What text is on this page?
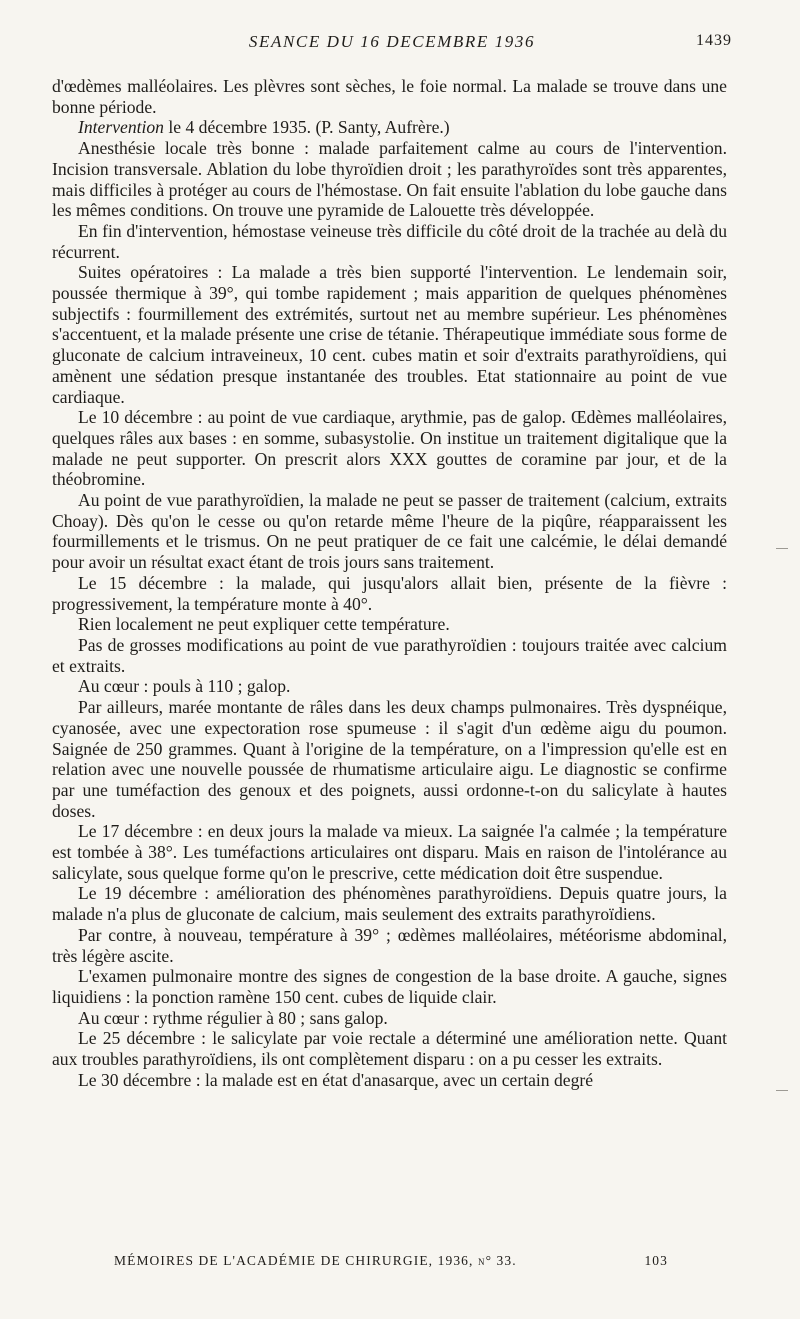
SEANCE DU 16 DECEMBRE 1936	1439

d'œdèmes malléolaires. Les plèvres sont sèches, le foie normal. La malade se trouve dans une bonne période.

Intervention le 4 décembre 1935. (P. Santy, Aufrère.)

Anesthésie locale très bonne : malade parfaitement calme au cours de l'intervention. Incision transversale. Ablation du lobe thyroïdien droit ; les parathyroïdes sont très apparentes, mais difficiles à protéger au cours de l'hémostase. On fait ensuite l'ablation du lobe gauche dans les mêmes conditions. On trouve une pyramide de Lalouette très développée.

En fin d'intervention, hémostase veineuse très difficile du côté droit de la trachée au delà du récurrent.

Suites opératoires : La malade a très bien supporté l'intervention. Le lendemain soir, poussée thermique à 39°, qui tombe rapidement ; mais apparition de quelques phénomènes subjectifs : fourmillement des extrémités, surtout net au membre supérieur. Les phénomènes s'accentuent, et la malade présente une crise de tétanie. Thérapeutique immédiate sous forme de gluconate de calcium intraveineux, 10 cent. cubes matin et soir d'extraits parathyroïdiens, qui amènent une sédation presque instantanée des troubles. Etat stationnaire au point de vue cardiaque.

Le 10 décembre : au point de vue cardiaque, arythmie, pas de galop. Œdèmes malléolaires, quelques râles aux bases : en somme, subasystolie. On institue un traitement digitalique que la malade ne peut supporter. On prescrit alors XXX gouttes de coramine par jour, et de la théobromine.

Au point de vue parathyroïdien, la malade ne peut se passer de traitement (calcium, extraits Choay). Dès qu'on le cesse ou qu'on retarde même l'heure de la piqûre, réapparaissent les fourmillements et le trismus. On ne peut pratiquer de ce fait une calcémie, le délai demandé pour avoir un résultat exact étant de trois jours sans traitement.

Le 15 décembre : la malade, qui jusqu'alors allait bien, présente de la fièvre : progressivement, la température monte à 40°.

Rien localement ne peut expliquer cette température.

Pas de grosses modifications au point de vue parathyroïdien : toujours traitée avec calcium et extraits.

Au cœur : pouls à 110 ; galop.

Par ailleurs, marée montante de râles dans les deux champs pulmonaires. Très dyspnéique, cyanosée, avec une expectoration rose spumeuse : il s'agit d'un œdème aigu du poumon. Saignée de 250 grammes. Quant à l'origine de la température, on a l'impression qu'elle est en relation avec une nouvelle poussée de rhumatisme articulaire aigu. Le diagnostic se confirme par une tuméfaction des genoux et des poignets, aussi ordonne-t-on du salicylate à hautes doses.

Le 17 décembre : en deux jours la malade va mieux. La saignée l'a calmée ; la température est tombée à 38°. Les tuméfactions articulaires ont disparu. Mais en raison de l'intolérance au salicylate, sous quelque forme qu'on le prescrive, cette médication doit être suspendue.

Le 19 décembre : amélioration des phénomènes parathyroïdiens. Depuis quatre jours, la malade n'a plus de gluconate de calcium, mais seulement des extraits parathyroïdiens.

Par contre, à nouveau, température à 39° ; œdèmes malléolaires, météorisme abdominal, très légère ascite.

L'examen pulmonaire montre des signes de congestion de la base droite. A gauche, signes liquidiens : la ponction ramène 150 cent. cubes de liquide clair.

Au cœur : rythme régulier à 80 ; sans galop.

Le 25 décembre : le salicylate par voie rectale a déterminé une amélioration nette. Quant aux troubles parathyroïdiens, ils ont complètement disparu : on a pu cesser les extraits.

Le 30 décembre : la malade est en état d'anasarque, avec un certain degré

MÉMOIRES DE L'ACADÉMIE DE CHIRURGIE, 1936, n° 33.	103
